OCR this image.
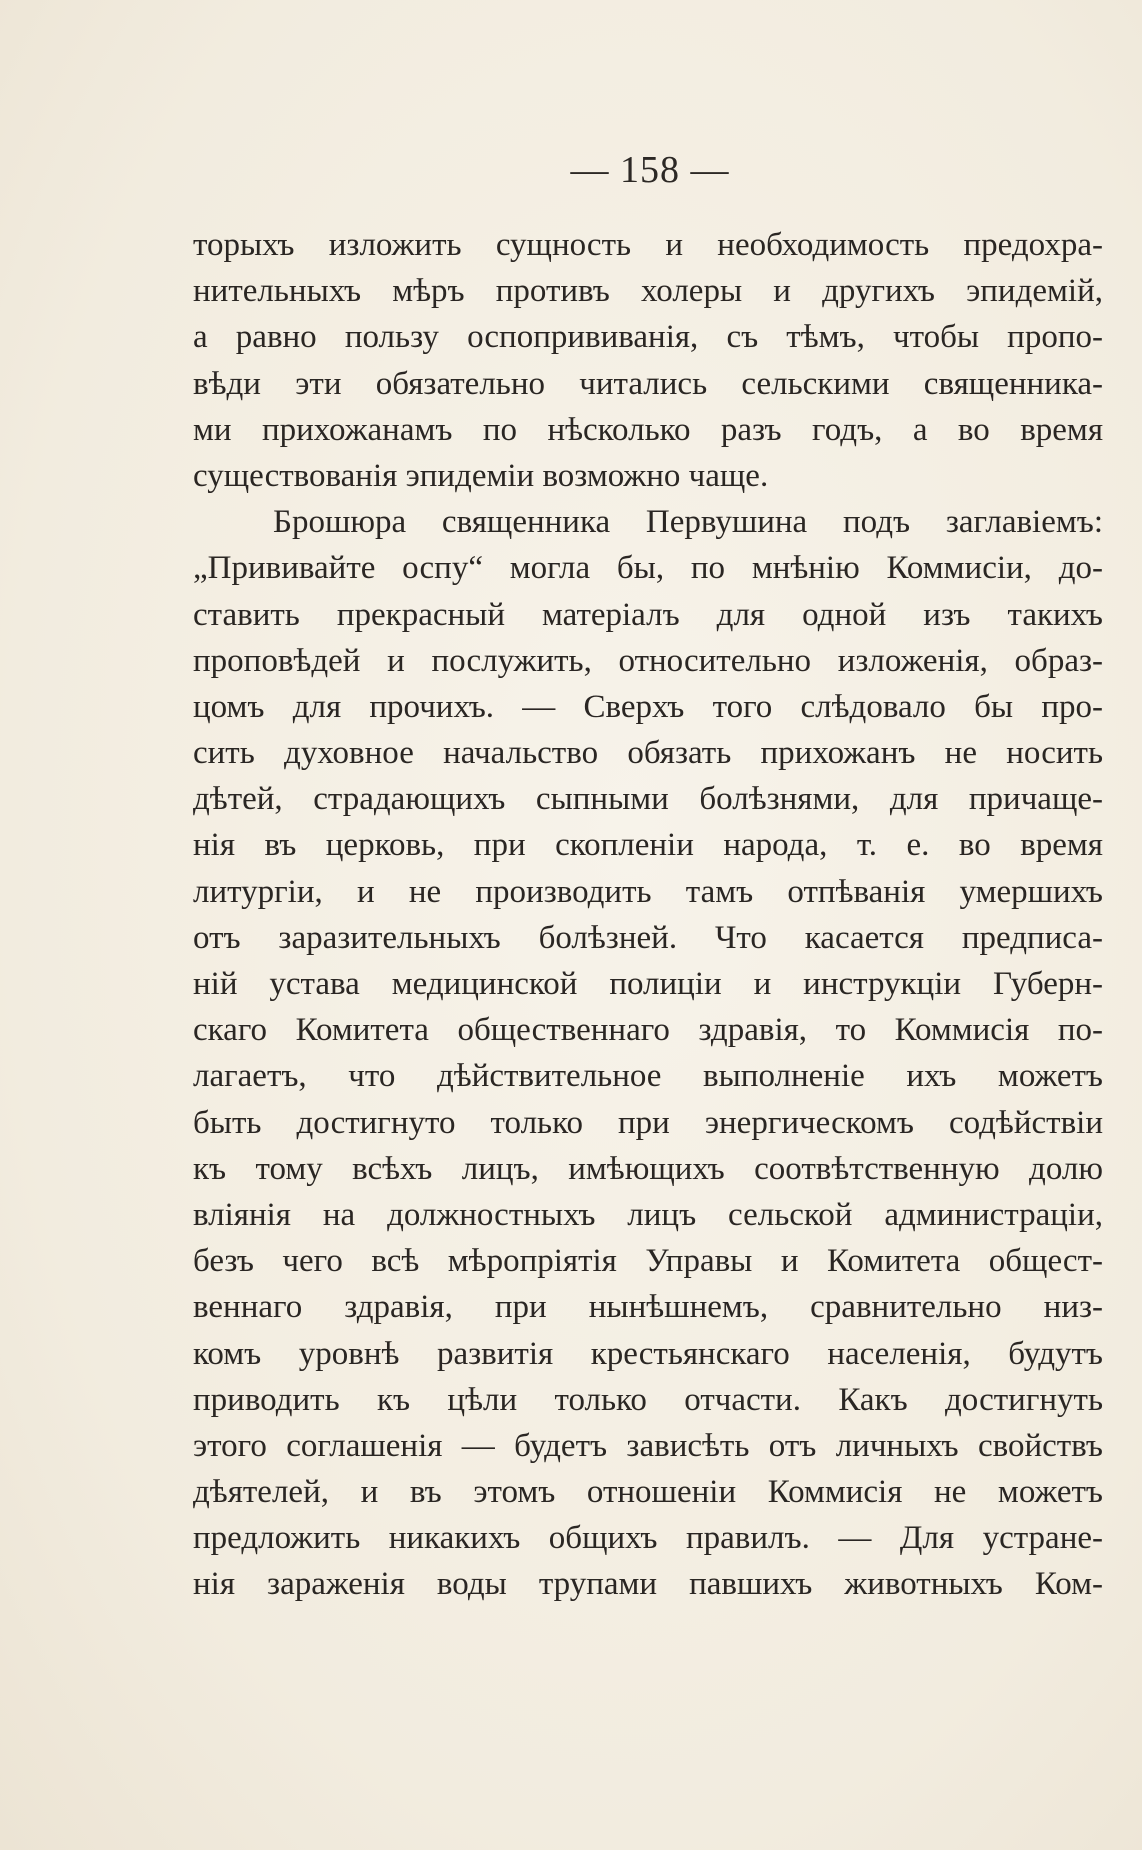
— 158 —
торыхъ изложить сущность и необходимость предохра-
нительныхъ мѣръ противъ холеры и другихъ эпидемій,
а равно пользу оспопрививанія, съ тѣмъ, чтобы пропо-
вѣди эти обязательно читались сельскими священника-
ми прихожанамъ по нѣсколько разъ годъ, а во время
существованія эпидеміи возможно чаще.
Брошюра священника Первушина подъ заглавіемъ:
„Прививайте оспу“ могла бы, по мнѣнію Коммисіи, до-
ставить прекрасный матеріалъ для одной изъ такихъ
проповѣдей и послужить, относительно изложенія, образ-
цомъ для прочихъ. — Сверхъ того слѣдовало бы про-
сить духовное начальство обязать прихожанъ не носить
дѣтей, страдающихъ сыпными болѣзнями, для причаще-
нія въ церковь, при скопленіи народа, т. е. во время
литургіи, и не производить тамъ отпѣванія умершихъ
отъ заразительныхъ болѣзней. Что касается предписа-
ній устава медицинской полиціи и инструкціи Губерн-
скаго Комитета общественнаго здравія, то Коммисія по-
лагаетъ, что дѣйствительное выполненіе ихъ можетъ
быть достигнуто только при энергическомъ содѣйствіи
къ тому всѣхъ лицъ, имѣющихъ соотвѣтственную долю
вліянія на должностныхъ лицъ сельской администраціи,
безъ чего всѣ мѣропріятія Управы и Комитета общест-
веннаго здравія, при нынѣшнемъ, сравнительно низ-
комъ уровнѣ развитія крестьянскаго населенія, будутъ
приводить къ цѣли только отчасти. Какъ достигнуть
этого соглашенія — будетъ зависѣть отъ личныхъ свойствъ
дѣятелей, и въ этомъ отношеніи Коммисія не можетъ
предложить никакихъ общихъ правилъ. — Для устране-
нія зараженія воды трупами павшихъ животныхъ Ком-
